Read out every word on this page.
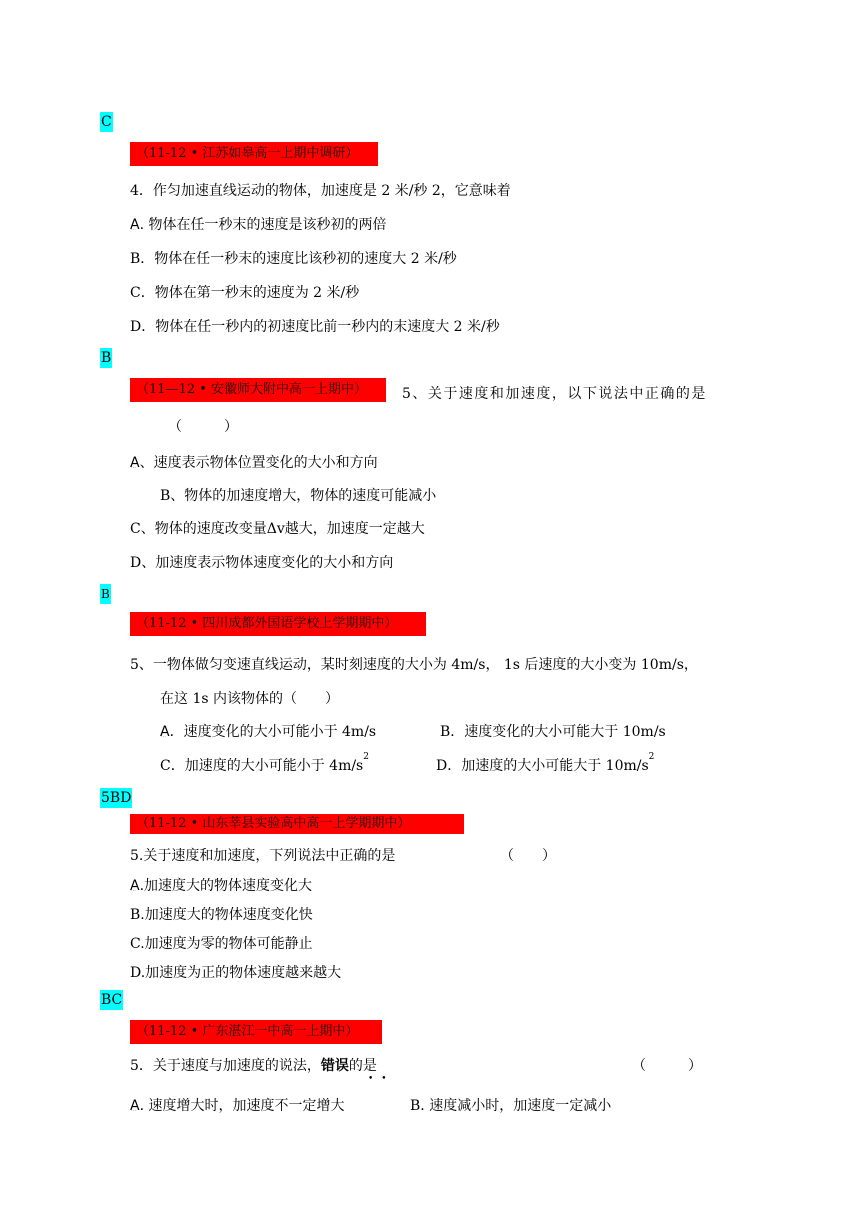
C
（11-12 • 江苏如皋高一上期中调研）
4．作匀加速直线运动的物体，加速度是 2 米/秒 2，它意味着
A …. 物体在任一秒末的速度是该秒初的两倍
B．物体在任一秒末的速度比该秒初的速度大 2 米/秒
C．物体在第一秒末的速度为 2 米/秒
D．物体在任一秒内的初速度比前一秒内的末速度大 2 米/秒
B
（11—12 • 安徽师大附中高一上期中）	5、关于速度和加速度，以下说法中正确的是
（　　　）
A …、速度表示物体位置变化的大小和方向
B、物体的加速度增大，物体的速度可能减小
C、物体的速度改变量Δv越大，加速度一定越大
D、加速度表示物体速度变化的大小和方向
B
（11-12 • 四川成都外国语学校上学期期中）
5、一物体做匀变速直线运动，某时刻速度的大小为 4m/s， 1s 后速度的大小变为 10m/s，
在这 1s 内该物体的（　　）
A …．速度变化的大小可能小于 4m/s	B．速度变化的大小可能大于 10m/s
C．加速度的大小可能小于 $4m/s^2$
D．加速度的大小可能大于 $10m/s^2$
5BD
（11-12 • 山东莘县实验高中高一上学期期中）
5.关于速度和加速度，下列说法中正确的是	（　　）
A ….加速度大的物体速度变化大
B.加速度大的物体速度变化快
C.加速度为零的物体可能静止
D.加速度为正的物体速度越来越大
BC
（11-12 • 广东湛江一中高一上期中）
5．关于速度与加速度的说法，错误的是
••
（　　　）
A …. 速度增大时，加速度不一定增大	B. 速度减小时，加速度一定减小
